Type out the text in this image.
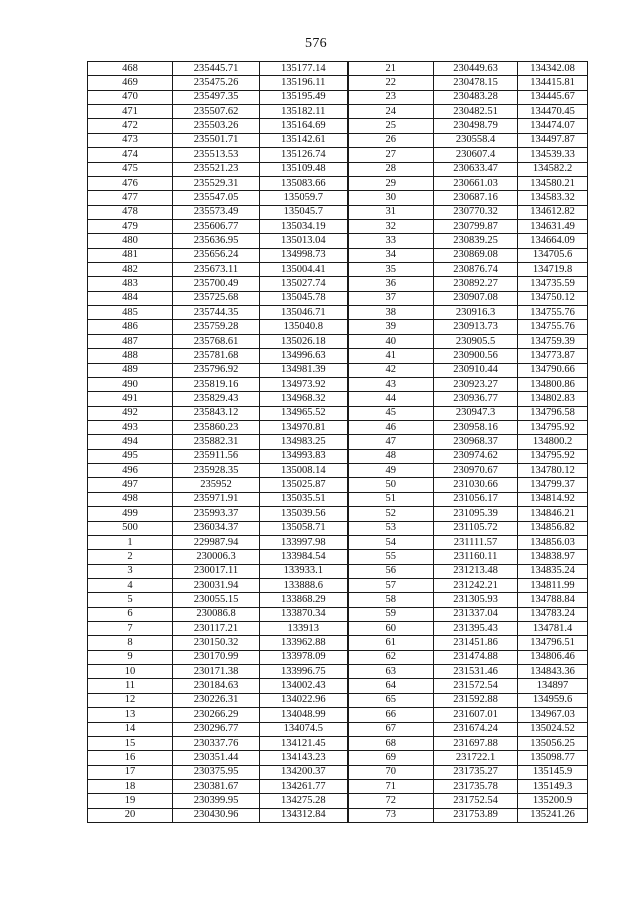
576
468	235445.71	135177.14	21	230449.63	134342.08
469	235475.26	135196.11	22	230478.15	134415.81
470	235497.35	135195.49	23	230483.28	134445.67
471	235507.62	135182.11	24	230482.51	134470.45
472	235503.26	135164.69	25	230498.79	134474.07
473	235501.71	135142.61	26	230558.4	134497.87
474	235513.53	135126.74	27	230607.4	134539.33
475	235521.23	135109.48	28	230633.47	134582.2
476	235529.31	135083.66	29	230661.03	134580.21
477	235547.05	135059.7	30	230687.16	134583.32
478	235573.49	135045.7	31	230770.32	134612.82
479	235606.77	135034.19	32	230799.87	134631.49
480	235636.95	135013.04	33	230839.25	134664.09
481	235656.24	134998.73	34	230869.08	134705.6
482	235673.11	135004.41	35	230876.74	134719.8
483	235700.49	135027.74	36	230892.27	134735.59
484	235725.68	135045.78	37	230907.08	134750.12
485	235744.35	135046.71	38	230916.3	134755.76
486	235759.28	135040.8	39	230913.73	134755.76
487	235768.61	135026.18	40	230905.5	134759.39
488	235781.68	134996.63	41	230900.56	134773.87
489	235796.92	134981.39	42	230910.44	134790.66
490	235819.16	134973.92	43	230923.27	134800.86
491	235829.43	134968.32	44	230936.77	134802.83
492	235843.12	134965.52	45	230947.3	134796.58
493	235860.23	134970.81	46	230958.16	134795.92
494	235882.31	134983.25	47	230968.37	134800.2
495	235911.56	134993.83	48	230974.62	134795.92
496	235928.35	135008.14	49	230970.67	134780.12
497	235952	135025.87	50	231030.66	134799.37
498	235971.91	135035.51	51	231056.17	134814.92
499	235993.37	135039.56	52	231095.39	134846.21
500	236034.37	135058.71	53	231105.72	134856.82
1	229987.94	133997.98	54	231111.57	134856.03
2	230006.3	133984.54	55	231160.11	134838.97
3	230017.11	133933.1	56	231213.48	134835.24
4	230031.94	133888.6	57	231242.21	134811.99
5	230055.15	133868.29	58	231305.93	134788.84
6	230086.8	133870.34	59	231337.04	134783.24
7	230117.21	133913	60	231395.43	134781.4
8	230150.32	133962.88	61	231451.86	134796.51
9	230170.99	133978.09	62	231474.88	134806.46
10	230171.38	133996.75	63	231531.46	134843.36
11	230184.63	134002.43	64	231572.54	134897
12	230226.31	134022.96	65	231592.88	134959.6
13	230266.29	134048.99	66	231607.01	134967.03
14	230296.77	134074.5	67	231674.24	135024.52
15	230337.76	134121.45	68	231697.88	135056.25
16	230351.44	134143.23	69	231722.1	135098.77
17	230375.95	134200.37	70	231735.27	135145.9
18	230381.67	134261.77	71	231735.78	135149.3
19	230399.95	134275.28	72	231752.54	135200.9
20	230430.96	134312.84	73	231753.89	135241.26
